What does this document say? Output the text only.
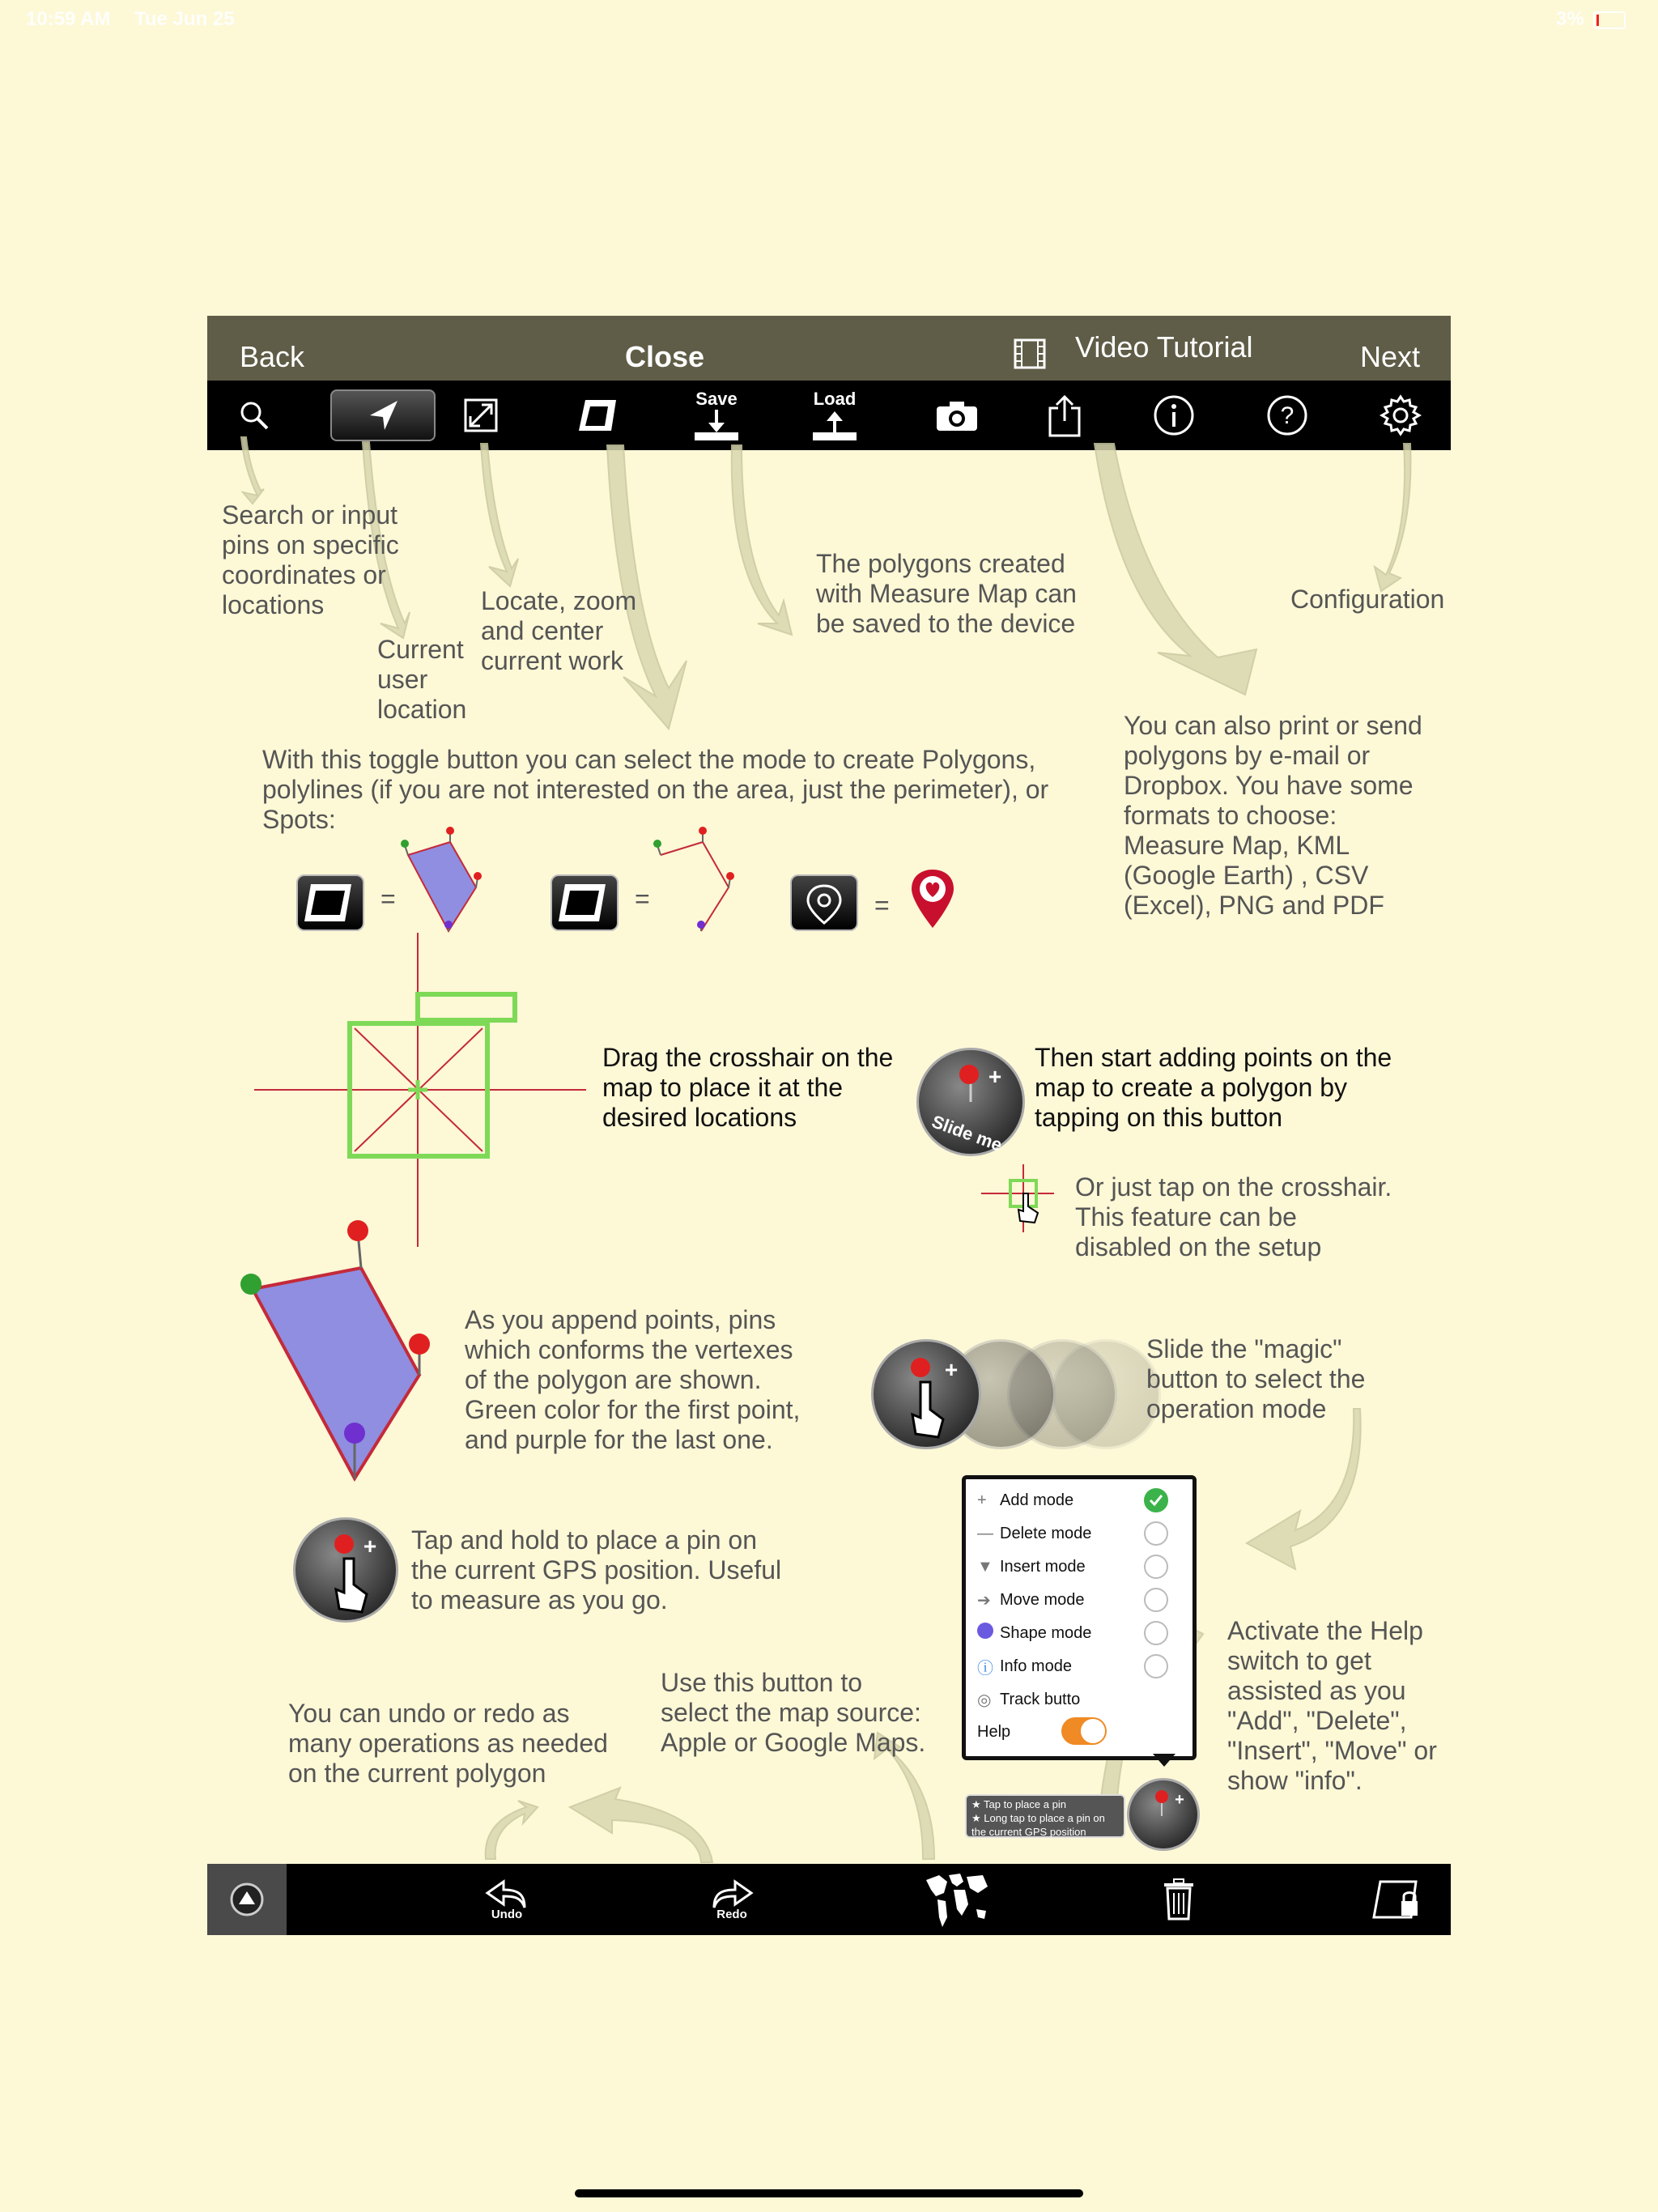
10:59 AM Tue Jun 25	3%
Back	Close	Video Tutorial	Next
Save	Load
?
Search or input pins on specific coordinates or locations
Current user location
Locate, zoom and center current work
The polygons created with Measure Map can be saved to the device
Configuration
You can also print or send polygons by e-mail or Dropbox. You have some formats to choose: Measure Map, KML (Google Earth) , CSV (Excel), PNG and PDF
With this toggle button you can select the mode to create Polygons, polylines (if you are not interested on the area, just the perimeter), or Spots:
=	=	=
Drag the crosshair on the map to place it at the desired locations
+
Slide me
Then start adding points on the map to create a polygon by tapping on this button
Or just tap on the crosshair. This feature can be disabled on the setup
As you append points, pins which conforms the vertexes of the polygon are shown. Green color for the first point, and purple for the last one.
+
Slide the "magic" button to select the operation mode
+ Tap and hold to place a pin on the current GPS position. Useful to measure as you go.
+ Add mode
— Delete mode
▼ Insert mode
➔ Move mode
Shape mode
ⓘ Info mode
◎ Track butto
Help
★ Tap to place a pin
★ Long tap to place a pin on the current GPS position
+
Activate the Help switch to get assisted as you "Add", "Delete", "Insert", "Move" or show "info".
You can undo or redo as many operations as needed on the current polygon
Use this button to select the map source: Apple or Google Maps.
Undo	Redo
